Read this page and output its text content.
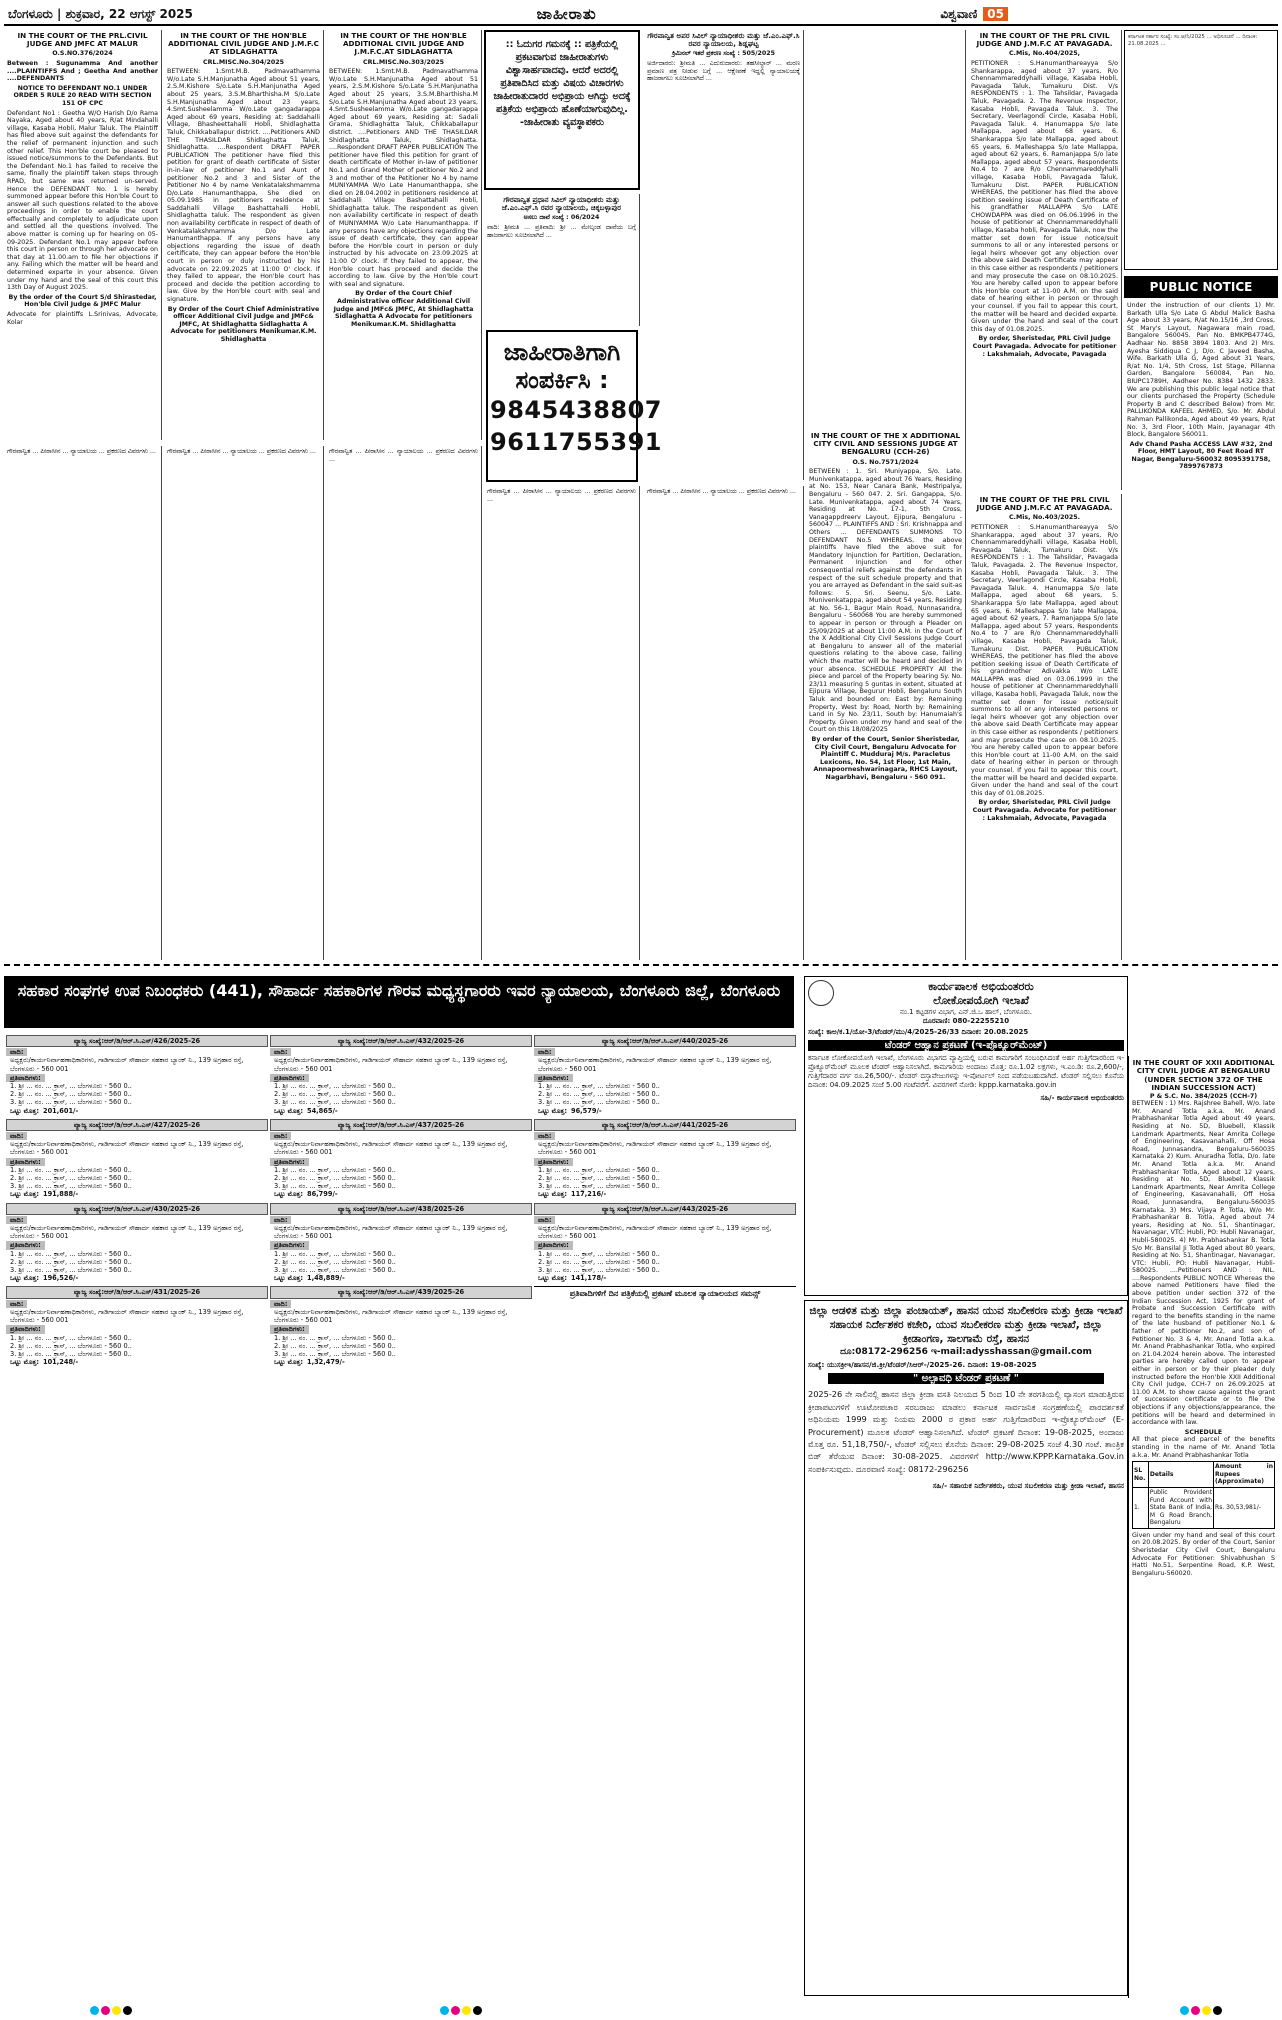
ಬೆಂಗಳೂರು | ಶುಕ್ರವಾರ, 22 ಆಗಸ್ಟ್ 2025	ಜಾಹೀರಾತು	ವಿಶ್ವವಾಣಿ 05
IN THE COURT OF THE PRL.CIVIL JUDGE AND JMFC AT MALUR

O.S.NO.376/2024

Between : Sugunamma And another ....PLAINTIFFS And ; Geetha And another ....DEFENDANTS

NOTICE TO DEFENDANT NO.1 UNDER ORDER 5 RULE 20 READ WITH SECTION 151 OF CPC

Defendant No1 : Geetha W/O Harish D/o Rama Nayaka, Aged about 40 years, R/at Mindahalli village, Kasaba Hobli, Malur Taluk. The Plaintiff has filed above suit against the defendants for the relief of permanent injunction and such other relief. This Hon'ble court be pleased to issued notice/summons to the Defendants. But the Defendant No.1 has failed to receive the same, finally the plaintiff taken steps through RPAD, but same was returned un-served. Hence the DEFENDANT No. 1 is hereby summoned appear before this Hon'ble Court to answer all such questions related to the above proceedings in order to enable the court effectually and completely to adjudicate upon and settled all the questions involved. The above matter is coming up for hearing on 05-09-2025. Defendant No.1 may appear before this court in person or through her advocate on that day at 11.00.am to file her objections if any. Failing which the matter will be heard and determined exparte in your absence. Given under my hand and the seal of this court this 13th Day of August 2025.

By the order of the Court S/d Shirastedar, Hon'ble Civil Judge & JMFC Malur

Advocate for plaintiffs L.Srinivas, Advocate, Kolar

IN THE COURT OF THE HON'BLE ADDITIONAL CIVIL JUDGE AND J.M.F.C AT SIDLAGHATTA

CRL.MISC.No.304/2025

BETWEEN: 1.Smt.M.B. Padmavathamma W/o.Late S.H.Manjunatha Aged about 51 years, 2.S.M.Kishore S/o.Late S.H.Manjunatha Aged about 25 years, 3.S.M.Bharthisha.M S/o.Late S.H.Manjunatha Aged about 23 years, 4.Smt.Susheelamma W/o.Late gangadarappa Aged about 69 years, Residing at: Saddahalli Village, Bhasheettahalli Hobli, Shidlaghatta Taluk, Chikkaballapur district. ....Petitioners AND THE THASILDAR Shidlaghatta Taluk, Shidlaghatta. ....Respondent DRAFT PAPER PUBLICATION The petitioner have filed this petition for grant of death certificate of Sister in-in-law of petitioner No.1 and Aunt of petitioner No.2 and 3 and Sister of the Petitioner No 4 by name Venkatalakshmamma D/o.Late Hanumanthappa, She died on 05.09.1985 in petitioners residence at Saddahalli Village Bashattahalli Hobli, Shidlaghatta taluk. The respondent as given non availability certificate in respect of death of Venkatalakshmamma D/o Late Hanumanthappa. If any persons have any objections regarding the issue of death certificate, they can appear before the Hon'ble court in person or duly instructed by his advocate on 22.09.2025 at 11:00 O' clock. If they failed to appear, the Hon'ble court has proceed and decide the petition according to law. Give by the Hon'ble court with seal and signature.

By Order of the Court Chief Administrative officer Additional Civil Judge and JMFc& JMFC, At Shidlaghatta Sidlaghatta A Advocate for petitioners Menikumar.K.M. Shidlaghatta

IN THE COURT OF THE HON'BLE ADDITIONAL CIVIL JUDGE AND J.M.F.C.AT SIDLAGHATTA

CRL.MISC.No.303/2025

BETWEEN: 1.Smt.M.B. Padmavathamma W/o.Late S.H.Manjunatha Aged about 51 years, 2.S.M.Kishore S/o.Late S.H.Manjunatha Aged about 25 years, 3.S.M.Bharthisha.M S/o.Late S.H.Manjunatha Aged about 23 years, 4.Smt.Susheelamma W/o.Late gangadarappa Aged about 69 years, Residing at: Sadali Grama, Shidlaghatta Taluk, Chikkaballapur district. ....Petitioners AND THE THASILDAR Shidlaghatta Taluk, Shidlaghatta. ....Respondent DRAFT PAPER PUBLICATION The petitioner have filed this petition for grant of death certificate of Mother in-law of petitioner No.1 and Grand Mother of petitioner No.2 and 3 and mother of the Petitioner No 4 by name MUNIYAMMA W/o Late Hanumanthappa, she died on 28.04.2002 in petitioners residence at Saddahalli Village Bashattahalli Hobli, Shidlaghatta taluk. The respondent as given non availability certificate in respect of death of MUNIYAMMA W/o Late Hanumanthappa. If any persons have any objections regarding the issue of death certificate, they can appear before the Hon'ble court in person or duly instructed by his advocate on 23.09.2025 at 11:00 O' clock. If they failed to appear, the Hon'ble court has proceed and decide the according to law. Give by the Hon'ble court with seal and signature.

By Order of the Court Chief Administrative officer Additional Civil Judge and JMFc& JMFC, At Shidlaghatta Sidlaghatta A Advocate for petitioners Menikumar.K.M. Shidlaghatta

:: ಓದುಗರ ಗಮನಕ್ಕೆ :: ಪತ್ರಿಕೆಯಲ್ಲಿ ಪ್ರಕಟವಾಗುವ ಜಾಹೀರಾತುಗಳು ವಿಶ್ವಾಸಾರ್ಹವಾದವು. ಆದರೆ ಅದರಲ್ಲಿ ಪ್ರತಿಪಾದಿಸಿದ ಮತ್ತು ವಿಷಯ ವಿಚಾರಗಳು ಜಾಹೀರಾತುದಾರರ ಅಭಿಪ್ರಾಯ ಆಗಿದ್ದು ಅದಕ್ಕೆ ಪತ್ರಿಕೆಯ ಅಭಿಪ್ರಾಯ ಹೊಣೆಯಾಗುವುದಿಲ್ಲ. -ಜಾಹೀರಾತು ವ್ಯವಸ್ಥಾಪಕರು
ಗೌರವಾನ್ವಿತ ಪ್ರಧಾನ ಸಿವಿಲ್ ನ್ಯಾಯಾಧೀಶರು ಮತ್ತು ಜೆ.ಎಂ.ಎಫ್.ಸಿ ರವರ ನ್ಯಾಯಾಲಯ, ಚಿಕ್ಕಬಳ್ಳಾಪುರ

ಅಸಲು ದಾವೆ ಸಂಖ್ಯೆ : 06/2024

ವಾದಿ: ಶ್ರೀಮತಿ ... ಪ್ರತಿವಾದಿ: ಶ್ರೀ ... ಮೇಲ್ಕಂಡ ದಾವೆಯ ಬಗ್ಗೆ ಹಾಜರಾಗಲು ಸೂಚಿಸಲಾಗಿದೆ ...

ಜಾಹೀರಾತಿಗಾಗಿ
ಸಂಪರ್ಕಿಸಿ :
9845438807
9611755391
ಗೌರವಾನ್ವಿತ ಅಪರ ಸಿವಿಲ್ ನ್ಯಾಯಾಧೀಶರು ಮತ್ತು ಜೆ.ಎಂ.ಎಫ್.ಸಿ ರವರ ನ್ಯಾಯಾಲಯ, ಶಿಡ್ಲಘಟ್ಟ

ಕ್ರಿಮಿನಲ್ ಇತರೆ ಪ್ರಕರಣ ಸಂಖ್ಯೆ : 505/2025

ಅರ್ಜಿದಾರರು: ಶ್ರೀಮತಿ ... ಎದುರುದಾರರು: ತಹಸೀಲ್ದಾರ್ ... ಮರಣ ಪ್ರಮಾಣ ಪತ್ರ ನೀಡುವ ಬಗ್ಗೆ ... ಆಕ್ಷೇಪಣೆ ಇದ್ದಲ್ಲಿ ನ್ಯಾಯಾಲಯಕ್ಕೆ ಹಾಜರಾಗಲು ಸೂಚಿಸಲಾಗಿದೆ ...

IN THE COURT OF THE PRL CIVIL JUDGE AND J.M.F.C AT PAVAGADA.

C.Mis, No.404/2025,

PETITIONER : S.Hanumanthareayya S/o Shankarappa, aged about 37 years, R/o Chennammareddyhalli village, Kasaba Hobli, Pavagada Taluk, Tumakuru Dist. V/s RESPONDENTS : 1. The Tahsildar, Pavagada Taluk, Pavagada. 2. The Revenue Inspector, Kasaba Hobli, Pavagada Taluk. 3. The Secretary, Veerlagondi Circle, Kasaba Hobli, Pavagada Taluk. 4. Hanumappa S/o late Mallappa, aged about 68 years, 6. Shankarappa S/o late Mallappa, aged about 65 years, 6. Malleshappa S/o late Mallappa, aged about 62 years, 6. Ramanjappa S/o late Mallappa, aged about 57 years, Respondents No.4 to 7 are R/o Chennammareddyhalli village, Kasaba Hobli, Pavagada Taluk, Tumakuru Dist. PAPER PUBLICATION WHEREAS, the petitioner has filed the above petition seeking issue of Death Certificate of his grandfather MALLAPPA S/o LATE CHOWDAPPA was died on 06.06.1996 in the house of petitioner at Chennammareddyhalli village, Kasaba hobli, Pavagada Taluk, now the matter set down for issue notice/suit summons to all or any interested persons or legal heirs whoever got any objection over the above said Death Certificate may appear in this case either as respondents / petitioners and may prosecute the case on 08.10.2025. You are hereby called upon to appear before this Hon'ble court at 11-00 A.M. on the said date of hearing either in person or through your counsel. If you fail to appear this court, the matter will be heard and decided exparte. Given under the hand and seal of the court this day of 01.08.2025.

By order, Sheristedar, PRL Civil Judge Court Pavagada. Advocate for petitioner : Lakshmaiah, Advocate, Pavagada

ಕರ್ನಾಟಕ ಸರ್ಕಾರ ಸಂಖ್ಯೆ: ಸಂ.ಆ/ನಿ/2025 ... ಅಧಿಸೂಚನೆ ... ದಿನಾಂಕ: 21.08.2025 ...
PUBLIC NOTICE

Under the instruction of our clients 1) Mr. Barkath Ulla S/o Late G Abdul Malick Basha Age about 33 years, R/at No.15/16 ,3rd Cross, St Mary's Layout, Nagawara main road, Bangalore 560045. Pan No. BMKPB4774G, Aadhaar No. 8858 3894 1803. And 2) Mrs. Ayesha Siddiqua C J, D/o. C Javeed Basha, Wife. Barkath Ulla G, Aged about 31 Years, R/at No. 1/4, 5th Cross, 1st Stage, Pillanna Garden, Bangalore 560084, Pan No. BIUPC1789H, Aadheer No. 8384 1432 2833. We are publishing this public legal notice that our clients purchased the Property (Schedule Property B and C described Below) from Mr. PALLIKONDA KAFEEL AHMED, S/o. Mr. Abdul Rahman Pallikonda, Aged about 49 years, R/at No. 3, 3rd Floor, 10th Main, Jayanagar 4th Block, Bangalore 560011.

Adv Chand Pasha ACCESS LAW #32, 2nd Floor, HMT Layout, 80 Feet Road RT Nagar, Bengaluru-560032 8095391758, 7899767873

ಗೌರವಾನ್ವಿತ ... ಪೀಠಾಸೀನ ... ನ್ಯಾಯಾಲಯ ... ಪ್ರಕರಣದ ವಿವರಗಳು ...	ಗೌರವಾನ್ವಿತ ... ಪೀಠಾಸೀನ ... ನ್ಯಾಯಾಲಯ ... ಪ್ರಕರಣದ ವಿವರಗಳು ...	ಗೌರವಾನ್ವಿತ ... ಪೀಠಾಸೀನ ... ನ್ಯಾಯಾಲಯ ... ಪ್ರಕರಣದ ವಿವರಗಳು ...

ಗೌರವಾನ್ವಿತ ... ಪೀಠಾಸೀನ ... ನ್ಯಾಯಾಲಯ ... ಪ್ರಕರಣದ ವಿವರಗಳು ...

ಗೌರವಾನ್ವಿತ ... ಪೀಠಾಸೀನ ... ನ್ಯಾಯಾಲಯ ... ಪ್ರಕರಣದ ವಿವರಗಳು ...

IN THE COURT OF THE X ADDITIONAL CITY CIVIL AND SESSIONS JUDGE AT BENGALURU (CCH-26)

O.S. No.7571/2024

BETWEEN : 1. Sri. Muniyappa, S/o. Late. Munivenkatappa, aged about 76 Years, Residing at No. 153, Near Canara Bank, Mestripalya, Bengaluru - 560 047. 2. Sri. Gangappa, S/o. Late. Munivenkatappa, aged about 74 Years, Residing at No. 17-1, 5th Cross, Vanagappdreerv Layout, Ejipura, Bengaluru - 560047 ... PLAINTIFFS AND : Sri. Krishnappa and Others ... DEFENDANTS SUMMONS TO DEFENDANT No.5 WHEREAS, the above plaintiffs have filed the above suit for Mandatory Injunction for Partition, Declaration, Permanent Injunction and for other consequential reliefs against the defendants in respect of the suit schedule property and that you are arrayed as Defendant in the said suit-as follows: 5. Sri. Seenu, S/o. Late. Munivenkatappa, aged about 54 years, Residing at No. 56-1, Bagur Main Road, Nunnasandra, Bengaluru - 560068 You are hereby summoned to appear in person or through a Pleader on 25/09/2025 at about 11:00 A.M. in the Court of the X Additional City Civil Sessions Judge Court at Bengaluru to answer all of the material questions relating to the above case, failing which the matter will be heard and decided in your absence. SCHEDULE PROPERTY All the piece and parcel of the Property bearing Sy. No. 23/11 measuring 5 guntas in extent, situated at Ejipura Village, Begurur Hobli, Bengaluru South Taluk and bounded on: East by: Remaining Property, West by: Road, North by: Remaining Land in Sy No. 23/11, South by: Hanumaiah's Property. Given under my hand and seal of the Court on this 18/08/2025

By order of the Court, Senior Sheristedar, City Civil Court, Bengaluru Advocate for Plaintiff C. Mudduraj M/s. Paracletus Lexicons, No. 54, 1st Floor, 1st Main, Annapoorneshwarinagara, RHCS Layout, Nagarbhavi, Bengaluru - 560 091.

IN THE COURT OF THE PRL CIVIL JUDGE AND J.M.F.C AT PAVAGADA.

C.Mis, No.403/2025.

PETITIONER : S.Hanumanthareayya S/o Shankarappa, aged about 37 years, R/o Chennammareddyhalli village, Kasaba Hobli, Pavagada Taluk, Tumakuru Dist. V/s RESPONDENTS : 1. The Tahsildar, Pavagada Taluk, Pavagada. 2. The Revenue Inspector, Kasaba Hobli, Pavagada Taluk. 3. The Secretary, Veerlagondi Circle, Kasaba Hobli, Pavagada Taluk. 4. Hanumappa S/o late Mallappa, aged about 68 years, 5. Shankarappa S/o late Mallappa, aged about 65 years, 6. Malleshappa S/o late Mallappa, aged about 62 years, 7. Ramanjappa S/o late Mallappa, aged about 57 years, Respondents No.4 to 7 are R/o Chennammareddyhalli village, Kasaba Hobli, Pavagada Taluk, Tumakuru Dist. PAPER PUBLICATION WHEREAS, the petitioner has filed the above petition seeking issue of Death Certificate of his grandmother Adivakka W/o LATE MALLAPPA was died on 03.06.1999 in the house of petitioner at Chennammareddyhalli village, Kasaba hobli, Pavagada Taluk, now the matter set down for issue notice/suit summons to all or any interested persons or legal heirs whoever got any objection over the above said Death Certificate may appear in this case either as respondents / petitioners and may prosecute the case on 08.10.2025. You are hereby called upon to appear before this Hon'ble court at 11-00 A.M. on the said date of hearing either in person or through your counsel. If you fail to appear this court, the matter will be heard and decided exparte. Given under the hand and seal of the court this day of 01.08.2025.

By order, Sheristedar, PRL Civil Judge Court Pavagada. Advocate for petitioner : Lakshmaiah, Advocate, Pavagada

ಸಹಕಾರ ಸಂಘಗಳ ಉಪ ನಿಬಂಧಕರು (441), ಸೌಹಾರ್ದ ಸಹಕಾರಿಗಳ ಗೌರವ ಮಧ್ಯಸ್ಥಗಾರರು ಇವರ ನ್ಯಾಯಾಲಯ, ಬೆಂಗಳೂರು ಜಿಲ್ಲೆ, ಬೆಂಗಳೂರು
ವ್ಯಾಜ್ಯ ಸಂಖ್ಯೆ:ಆರ್/ಡಿ/ಆರ್.ಸಿ.ಎಸ್/426/2025-26
ವಾದಿ:
ಅಧ್ಯಕ್ಷರು/ಕಾರ್ಯನಿರ್ವಾಹಣಾಧಿಕಾರಿಗಳು, ಗಾಡಿಗಾಯರ್ ಸೌಹಾರ್ದ ಸಹಕಾರ ಬ್ಯಾಂಕ್ ನಿ., 139 ಅಗ್ರಹಾರ ರಸ್ತೆ, ಬೆಂಗಳೂರು - 560 001
ಪ್ರತಿವಾದಿಗಳು:
1. ಶ್ರೀ ... ನಂ. ... ಕ್ರಾಸ್, ... ಬೆಂಗಳೂರು - 560 0..
2. ಶ್ರೀ ... ನಂ. ... ಕ್ರಾಸ್, ... ಬೆಂಗಳೂರು - 560 0..
3. ಶ್ರೀ ... ನಂ. ... ಕ್ರಾಸ್, ... ಬೆಂಗಳೂರು - 560 0..
ಒಟ್ಟು ಮೊತ್ತ: 201,601/-
ವ್ಯಾಜ್ಯ ಸಂಖ್ಯೆ:ಆರ್/ಡಿ/ಆರ್.ಸಿ.ಎಸ್/427/2025-26
ವಾದಿ:
ಅಧ್ಯಕ್ಷರು/ಕಾರ್ಯನಿರ್ವಾಹಣಾಧಿಕಾರಿಗಳು, ಗಾಡಿಗಾಯರ್ ಸೌಹಾರ್ದ ಸಹಕಾರ ಬ್ಯಾಂಕ್ ನಿ., 139 ಅಗ್ರಹಾರ ರಸ್ತೆ, ಬೆಂಗಳೂರು - 560 001
ಪ್ರತಿವಾದಿಗಳು:
1. ಶ್ರೀ ... ನಂ. ... ಕ್ರಾಸ್, ... ಬೆಂಗಳೂರು - 560 0..
2. ಶ್ರೀ ... ನಂ. ... ಕ್ರಾಸ್, ... ಬೆಂಗಳೂರು - 560 0..
3. ಶ್ರೀ ... ನಂ. ... ಕ್ರಾಸ್, ... ಬೆಂಗಳೂರು - 560 0..
ಒಟ್ಟು ಮೊತ್ತ: 191,888/-
ವ್ಯಾಜ್ಯ ಸಂಖ್ಯೆ:ಆರ್/ಡಿ/ಆರ್.ಸಿ.ಎಸ್/430/2025-26
ವಾದಿ:
ಅಧ್ಯಕ್ಷರು/ಕಾರ್ಯನಿರ್ವಾಹಣಾಧಿಕಾರಿಗಳು, ಗಾಡಿಗಾಯರ್ ಸೌಹಾರ್ದ ಸಹಕಾರ ಬ್ಯಾಂಕ್ ನಿ., 139 ಅಗ್ರಹಾರ ರಸ್ತೆ, ಬೆಂಗಳೂರು - 560 001
ಪ್ರತಿವಾದಿಗಳು:
1. ಶ್ರೀ ... ನಂ. ... ಕ್ರಾಸ್, ... ಬೆಂಗಳೂರು - 560 0..
2. ಶ್ರೀ ... ನಂ. ... ಕ್ರಾಸ್, ... ಬೆಂಗಳೂರು - 560 0..
3. ಶ್ರೀ ... ನಂ. ... ಕ್ರಾಸ್, ... ಬೆಂಗಳೂರು - 560 0..
ಒಟ್ಟು ಮೊತ್ತ: 196,526/-
ವ್ಯಾಜ್ಯ ಸಂಖ್ಯೆ:ಆರ್/ಡಿ/ಆರ್.ಸಿ.ಎಸ್/431/2025-26
ವಾದಿ:
ಅಧ್ಯಕ್ಷರು/ಕಾರ್ಯನಿರ್ವಾಹಣಾಧಿಕಾರಿಗಳು, ಗಾಡಿಗಾಯರ್ ಸೌಹಾರ್ದ ಸಹಕಾರ ಬ್ಯಾಂಕ್ ನಿ., 139 ಅಗ್ರಹಾರ ರಸ್ತೆ, ಬೆಂಗಳೂರು - 560 001
ಪ್ರತಿವಾದಿಗಳು:
1. ಶ್ರೀ ... ನಂ. ... ಕ್ರಾಸ್, ... ಬೆಂಗಳೂರು - 560 0..
2. ಶ್ರೀ ... ನಂ. ... ಕ್ರಾಸ್, ... ಬೆಂಗಳೂರು - 560 0..
3. ಶ್ರೀ ... ನಂ. ... ಕ್ರಾಸ್, ... ಬೆಂಗಳೂರು - 560 0..
ಒಟ್ಟು ಮೊತ್ತ: 101,248/-
ವ್ಯಾಜ್ಯ ಸಂಖ್ಯೆ:ಆರ್/ಡಿ/ಆರ್.ಸಿ.ಎಸ್/432/2025-26
ವಾದಿ:
ಅಧ್ಯಕ್ಷರು/ಕಾರ್ಯನಿರ್ವಾಹಣಾಧಿಕಾರಿಗಳು, ಗಾಡಿಗಾಯರ್ ಸೌಹಾರ್ದ ಸಹಕಾರ ಬ್ಯಾಂಕ್ ನಿ., 139 ಅಗ್ರಹಾರ ರಸ್ತೆ, ಬೆಂಗಳೂರು - 560 001
ಪ್ರತಿವಾದಿಗಳು:
1. ಶ್ರೀ ... ನಂ. ... ಕ್ರಾಸ್, ... ಬೆಂಗಳೂರು - 560 0..
2. ಶ್ರೀ ... ನಂ. ... ಕ್ರಾಸ್, ... ಬೆಂಗಳೂರು - 560 0..
3. ಶ್ರೀ ... ನಂ. ... ಕ್ರಾಸ್, ... ಬೆಂಗಳೂರು - 560 0..
ಒಟ್ಟು ಮೊತ್ತ: 54,865/-
ವ್ಯಾಜ್ಯ ಸಂಖ್ಯೆ:ಆರ್/ಡಿ/ಆರ್.ಸಿ.ಎಸ್/437/2025-26
ವಾದಿ:
ಅಧ್ಯಕ್ಷರು/ಕಾರ್ಯನಿರ್ವಾಹಣಾಧಿಕಾರಿಗಳು, ಗಾಡಿಗಾಯರ್ ಸೌಹಾರ್ದ ಸಹಕಾರ ಬ್ಯಾಂಕ್ ನಿ., 139 ಅಗ್ರಹಾರ ರಸ್ತೆ, ಬೆಂಗಳೂರು - 560 001
ಪ್ರತಿವಾದಿಗಳು:
1. ಶ್ರೀ ... ನಂ. ... ಕ್ರಾಸ್, ... ಬೆಂಗಳೂರು - 560 0..
2. ಶ್ರೀ ... ನಂ. ... ಕ್ರಾಸ್, ... ಬೆಂಗಳೂರು - 560 0..
3. ಶ್ರೀ ... ನಂ. ... ಕ್ರಾಸ್, ... ಬೆಂಗಳೂರು - 560 0..
ಒಟ್ಟು ಮೊತ್ತ: 86,799/-
ವ್ಯಾಜ್ಯ ಸಂಖ್ಯೆ:ಆರ್/ಡಿ/ಆರ್.ಸಿ.ಎಸ್/438/2025-26
ವಾದಿ:
ಅಧ್ಯಕ್ಷರು/ಕಾರ್ಯನಿರ್ವಾಹಣಾಧಿಕಾರಿಗಳು, ಗಾಡಿಗಾಯರ್ ಸೌಹಾರ್ದ ಸಹಕಾರ ಬ್ಯಾಂಕ್ ನಿ., 139 ಅಗ್ರಹಾರ ರಸ್ತೆ, ಬೆಂಗಳೂರು - 560 001
ಪ್ರತಿವಾದಿಗಳು:
1. ಶ್ರೀ ... ನಂ. ... ಕ್ರಾಸ್, ... ಬೆಂಗಳೂರು - 560 0..
2. ಶ್ರೀ ... ನಂ. ... ಕ್ರಾಸ್, ... ಬೆಂಗಳೂರು - 560 0..
3. ಶ್ರೀ ... ನಂ. ... ಕ್ರಾಸ್, ... ಬೆಂಗಳೂರು - 560 0..
ಒಟ್ಟು ಮೊತ್ತ: 1,48,889/-
ವ್ಯಾಜ್ಯ ಸಂಖ್ಯೆ:ಆರ್/ಡಿ/ಆರ್.ಸಿ.ಎಸ್/439/2025-26
ವಾದಿ:
ಅಧ್ಯಕ್ಷರು/ಕಾರ್ಯನಿರ್ವಾಹಣಾಧಿಕಾರಿಗಳು, ಗಾಡಿಗಾಯರ್ ಸೌಹಾರ್ದ ಸಹಕಾರ ಬ್ಯಾಂಕ್ ನಿ., 139 ಅಗ್ರಹಾರ ರಸ್ತೆ, ಬೆಂಗಳೂರು - 560 001
ಪ್ರತಿವಾದಿಗಳು:
1. ಶ್ರೀ ... ನಂ. ... ಕ್ರಾಸ್, ... ಬೆಂಗಳೂರು - 560 0..
2. ಶ್ರೀ ... ನಂ. ... ಕ್ರಾಸ್, ... ಬೆಂಗಳೂರು - 560 0..
3. ಶ್ರೀ ... ನಂ. ... ಕ್ರಾಸ್, ... ಬೆಂಗಳೂರು - 560 0..
ಒಟ್ಟು ಮೊತ್ತ: 1,32,479/-
ವ್ಯಾಜ್ಯ ಸಂಖ್ಯೆ:ಆರ್/ಡಿ/ಆರ್.ಸಿ.ಎಸ್/440/2025-26
ವಾದಿ:
ಅಧ್ಯಕ್ಷರು/ಕಾರ್ಯನಿರ್ವಾಹಣಾಧಿಕಾರಿಗಳು, ಗಾಡಿಗಾಯರ್ ಸೌಹಾರ್ದ ಸಹಕಾರ ಬ್ಯಾಂಕ್ ನಿ., 139 ಅಗ್ರಹಾರ ರಸ್ತೆ, ಬೆಂಗಳೂರು - 560 001
ಪ್ರತಿವಾದಿಗಳು:
1. ಶ್ರೀ ... ನಂ. ... ಕ್ರಾಸ್, ... ಬೆಂಗಳೂರು - 560 0..
2. ಶ್ರೀ ... ನಂ. ... ಕ್ರಾಸ್, ... ಬೆಂಗಳೂರು - 560 0..
3. ಶ್ರೀ ... ನಂ. ... ಕ್ರಾಸ್, ... ಬೆಂಗಳೂರು - 560 0..
ಒಟ್ಟು ಮೊತ್ತ: 96,579/-
ವ್ಯಾಜ್ಯ ಸಂಖ್ಯೆ:ಆರ್/ಡಿ/ಆರ್.ಸಿ.ಎಸ್/441/2025-26
ವಾದಿ:
ಅಧ್ಯಕ್ಷರು/ಕಾರ್ಯನಿರ್ವಾಹಣಾಧಿಕಾರಿಗಳು, ಗಾಡಿಗಾಯರ್ ಸೌಹಾರ್ದ ಸಹಕಾರ ಬ್ಯಾಂಕ್ ನಿ., 139 ಅಗ್ರಹಾರ ರಸ್ತೆ, ಬೆಂಗಳೂರು - 560 001
ಪ್ರತಿವಾದಿಗಳು:
1. ಶ್ರೀ ... ನಂ. ... ಕ್ರಾಸ್, ... ಬೆಂಗಳೂರು - 560 0..
2. ಶ್ರೀ ... ನಂ. ... ಕ್ರಾಸ್, ... ಬೆಂಗಳೂರು - 560 0..
3. ಶ್ರೀ ... ನಂ. ... ಕ್ರಾಸ್, ... ಬೆಂಗಳೂರು - 560 0..
ಒಟ್ಟು ಮೊತ್ತ: 117,216/-
ವ್ಯಾಜ್ಯ ಸಂಖ್ಯೆ:ಆರ್/ಡಿ/ಆರ್.ಸಿ.ಎಸ್/443/2025-26
ವಾದಿ:
ಅಧ್ಯಕ್ಷರು/ಕಾರ್ಯನಿರ್ವಾಹಣಾಧಿಕಾರಿಗಳು, ಗಾಡಿಗಾಯರ್ ಸೌಹಾರ್ದ ಸಹಕಾರ ಬ್ಯಾಂಕ್ ನಿ., 139 ಅಗ್ರಹಾರ ರಸ್ತೆ, ಬೆಂಗಳೂರು - 560 001
ಪ್ರತಿವಾದಿಗಳು:
1. ಶ್ರೀ ... ನಂ. ... ಕ್ರಾಸ್, ... ಬೆಂಗಳೂರು - 560 0..
2. ಶ್ರೀ ... ನಂ. ... ಕ್ರಾಸ್, ... ಬೆಂಗಳೂರು - 560 0..
3. ಶ್ರೀ ... ನಂ. ... ಕ್ರಾಸ್, ... ಬೆಂಗಳೂರು - 560 0..
ಒಟ್ಟು ಮೊತ್ತ: 141,178/-
ಪ್ರತಿವಾದಿಗಳಿಗೆ ದಿನ ಪತ್ರಿಕೆಯಲ್ಲಿ ಪ್ರಕಟಣೆ ಮೂಲಕ ನ್ಯಾಯಾಲಯದ ಸಮನ್ಸ್
ಕಾರ್ಯಪಾಲಕ ಅಭಿಯಂತರರು
ಲೋಕೋಪಯೋಗಿ ಇಲಾಖೆ
ನಂ.1 ಕಟ್ಟಡಗಳ ವಿಭಾಗ, ಎನ್.ಜಿ.ಒ ಹಾಲ್, ಬೆಂಗಳೂರು.
ದೂರವಾಣಿ: 080-22255210
ಸಂಖ್ಯೆ: ಕಾಅ/ಕ.1/ಯೋ-3/ಟೆಂಡರ್/ಮು/4/2025-26/33 ದಿನಾಂಕ: 20.08.2025
ಟೆಂಡರ್ ಆಹ್ವಾನ ಪ್ರಕಟಣೆ (ಇ-ಪ್ರೊಕ್ಯೂರ್‌ಮೆಂಟ್)
ಕರ್ನಾಟಕ ಲೋಕೋಪಯೋಗಿ ಇಲಾಖೆ, ಬೆಂಗಳೂರು ವಿಭಾಗದ ವ್ಯಾಪ್ತಿಯಲ್ಲಿ ಬರುವ ಕಾಮಗಾರಿಗೆ ಸಂಬಂಧಿಸಿದಂತೆ ಅರ್ಹ ಗುತ್ತಿಗೆದಾರರಿಂದ ಇ-ಪ್ರೊಕ್ಯೂರ್‌ಮೆಂಟ್ ಮೂಲಕ ಟೆಂಡರ್ ಆಹ್ವಾನಿಸಲಾಗಿದೆ. ಕಾಮಗಾರಿಯ ಅಂದಾಜು ಮೊತ್ತ: ರೂ.1.02 ಲಕ್ಷಗಳು, ಇ.ಎಂ.ಡಿ: ರೂ.2,600/-, ಗುತ್ತಿಗೆದಾರರ ವರ್ಗ ರೂ.26,500/-. ಟೆಂಡರ್ ದಸ್ತಾವೇಜುಗಳನ್ನು ಇ-ಪೋರ್ಟಲ್ ನಿಂದ ಪಡೆಯಬಹುದಾಗಿದೆ. ಟೆಂಡರ್ ಸಲ್ಲಿಸಲು ಕೊನೆಯ ದಿನಾಂಕ: 04.09.2025 ಸಂಜೆ 5.00 ಗಂಟೆವರೆಗೆ. ವಿವರಗಳಿಗೆ ನೋಡಿ: kppp.karnataka.gov.in
ಸಹಿ/- ಕಾರ್ಯಪಾಲಕ ಅಭಿಯಂತರರು
ಜಿಲ್ಲಾ ಆಡಳಿತ ಮತ್ತು ಜಿಲ್ಲಾ ಪಂಚಾಯತ್, ಹಾಸನ ಯುವ ಸಬಲೀಕರಣ ಮತ್ತು ಕ್ರೀಡಾ ಇಲಾಖೆ ಸಹಾಯಕ ನಿರ್ದೇಶಕರ ಕಚೇರಿ, ಯುವ ಸಬಲೀಕರಣ ಮತ್ತು ಕ್ರೀಡಾ ಇಲಾಖೆ, ಜಿಲ್ಲಾ ಕ್ರೀಡಾಂಗಣ, ಸಾಲಗಾಮೆ ರಸ್ತೆ, ಹಾಸನ
ದೂ:08172-296256 ಇ-mail:adysshassan@gmail.com
ಸಂಖ್ಯೆ: ಯುಸಕ್ರೀಇ/ಹಾಸನ/ಜಿ.ಕ್ರೀ/ಟೆಂಡರ್/ಸಿಆರ್-/2025-26. ದಿನಾಂಕ: 19-08-2025
" ಅಲ್ಪಾವಧಿ ಟೆಂಡರ್ ಪ್ರಕಟಣೆ "
2025-26 ನೇ ಸಾಲಿನಲ್ಲಿ ಹಾಸನ ಜಿಲ್ಲಾ ಕ್ರೀಡಾ ವಸತಿ ನಿಲಯದ 5 ರಿಂದ 10 ನೇ ತರಗತಿಯಲ್ಲಿ ವ್ಯಾಸಂಗ ಮಾಡುತ್ತಿರುವ ಕ್ರೀಡಾಪಟುಗಳಿಗೆ ಊಟೋಪಚಾರ ಸರಬರಾಜು ಮಾಡಲು ಕರ್ನಾಟಕ ಸಾರ್ವಜನಿಕ ಸಂಗ್ರಹಣೆಯಲ್ಲಿ ಪಾರದರ್ಶಕತೆ ಅಧಿನಿಯಮ 1999 ಮತ್ತು ನಿಯಮ 2000 ರ ಪ್ರಕಾರ ಅರ್ಹ ಗುತ್ತಿಗೆದಾರರಿಂದ ಇ-ಪ್ರೊಕ್ಯೂರ್‌ಮೆಂಟ್ (E-Procurement) ಮೂಲಕ ಟೆಂಡರ್ ಆಹ್ವಾನಿಸಲಾಗಿದೆ. ಟೆಂಡರ್ ಪ್ರಕಟಣೆ ದಿನಾಂಕ: 19-08-2025, ಅಂದಾಜು ಮೊತ್ತ ರೂ. 51,18,750/-, ಟೆಂಡರ್ ಸಲ್ಲಿಸಲು ಕೊನೆಯ ದಿನಾಂಕ: 29-08-2025 ಸಂಜೆ 4.30 ಗಂಟೆ. ತಾಂತ್ರಿಕ ಬಿಡ್ ತೆರೆಯುವ ದಿನಾಂಕ: 30-08-2025. ವಿವರಗಳಿಗೆ http://www.KPPP.Karnataka.Gov.in ಸಂಪರ್ಕಿಸುವುದು. ದೂರವಾಣಿ ಸಂಖ್ಯೆ: 08172-296256
ಸಹಿ/- ಸಹಾಯಕ ನಿರ್ದೇಶಕರು, ಯುವ ಸಬಲೀಕರಣ ಮತ್ತು ಕ್ರೀಡಾ ಇಲಾಖೆ, ಹಾಸನ
IN THE COURT OF XXII ADDITIONAL CITY CIVIL JUDGE AT BENGALURU (UNDER SECTION 372 OF THE INDIAN SUCCESSION ACT)

P & S.C. No. 384/2025 (CCH-7)

BETWEEN : 1) Mrs. Rajshree Bahell, W/o. late Mr. Anand Totla a.k.a. Mr. Anand Prabhashankar Totla Aged about 49 years, Residing at No. 5D, Bluebell, Klassik Landmark Apartments, Near Amrita College of Engineering, Kasavanahalli, Off Hosa Road, Junnasandra, Bengaluru-560035 Karnataka 2) Kum. Anuradha Totla, D/o. late Mr. Anand Totla a.k.a. Mr. Anand Prabhashankar Totla, Aged about 12 years, Residing at No. 5D, Bluebell, Klassik Landmark Apartments, Near Amrita College of Engineering, Kasavanahalli, Off Hosa Road, Junnasandra, Bengaluru-560035 Karnataka. 3) Mrs. Vijaya P. Totla, W/o Mr. Prabhashankar B. Totla, Aged about 74 years, Residing at No. 51, Shantinagar, Navanagar, VTC: Hubli, PO: Hubli Navanagar, Hubli-580025. 4) Mr. Prabhashankar B. Totla S/o Mr. Bansilal Ji Totla Aged about 80 years, Residing at No. 51, Shantinagar, Navanagar, VTC: Hubli, PO: Hubli Navanagar, Hubli-580025. ....Petitioners AND : NIL. ....Respondents PUBLIC NOTICE Whereas the above named Petitioners have filed the above petition under section 372 of the Indian Succession Act, 1925 for grant of Probate and Succession Certificate with regard to the benefits standing in the name of the late husband of petitioner No.1 & father of petitioner No.2, and son of Petitioner No. 3 & 4, Mr. Anand Totla a.k.a. Mr. Anand Prabhashankar Totla, who expired on 21.04.2024 herein above. The interested parties are hereby called upon to appear either in person or by their pleader duly instructed before the Hon'ble XXII Additional City Civil Judge, CCH-7 on 26.09.2025 at 11.00 A.M. to show cause against the grant of succession certificate or to file the objections if any objections/appearance, the petitions will be heard and determined in accordance with law.

SCHEDULE

All that piece and parcel of the benefits standing in the name of Mr. Anand Totla a.k.a. Mr. Anand Prabhashankar Totla

SL No.	Details	Amount in Rupees (Approximate)
1.	Public Provident Fund Account with State Bank of India, M G Road Branch, Bengaluru	Rs. 30,53,981/-

Given under my hand and seal of this court on 20.08.2025. By order of the Court, Senior Sheristedar City Civil Court, Bengaluru Advocate For Petitioner: Shivabhushan S Hatti No.51, Serpentine Road, K.P. West, Bengaluru-560020.
